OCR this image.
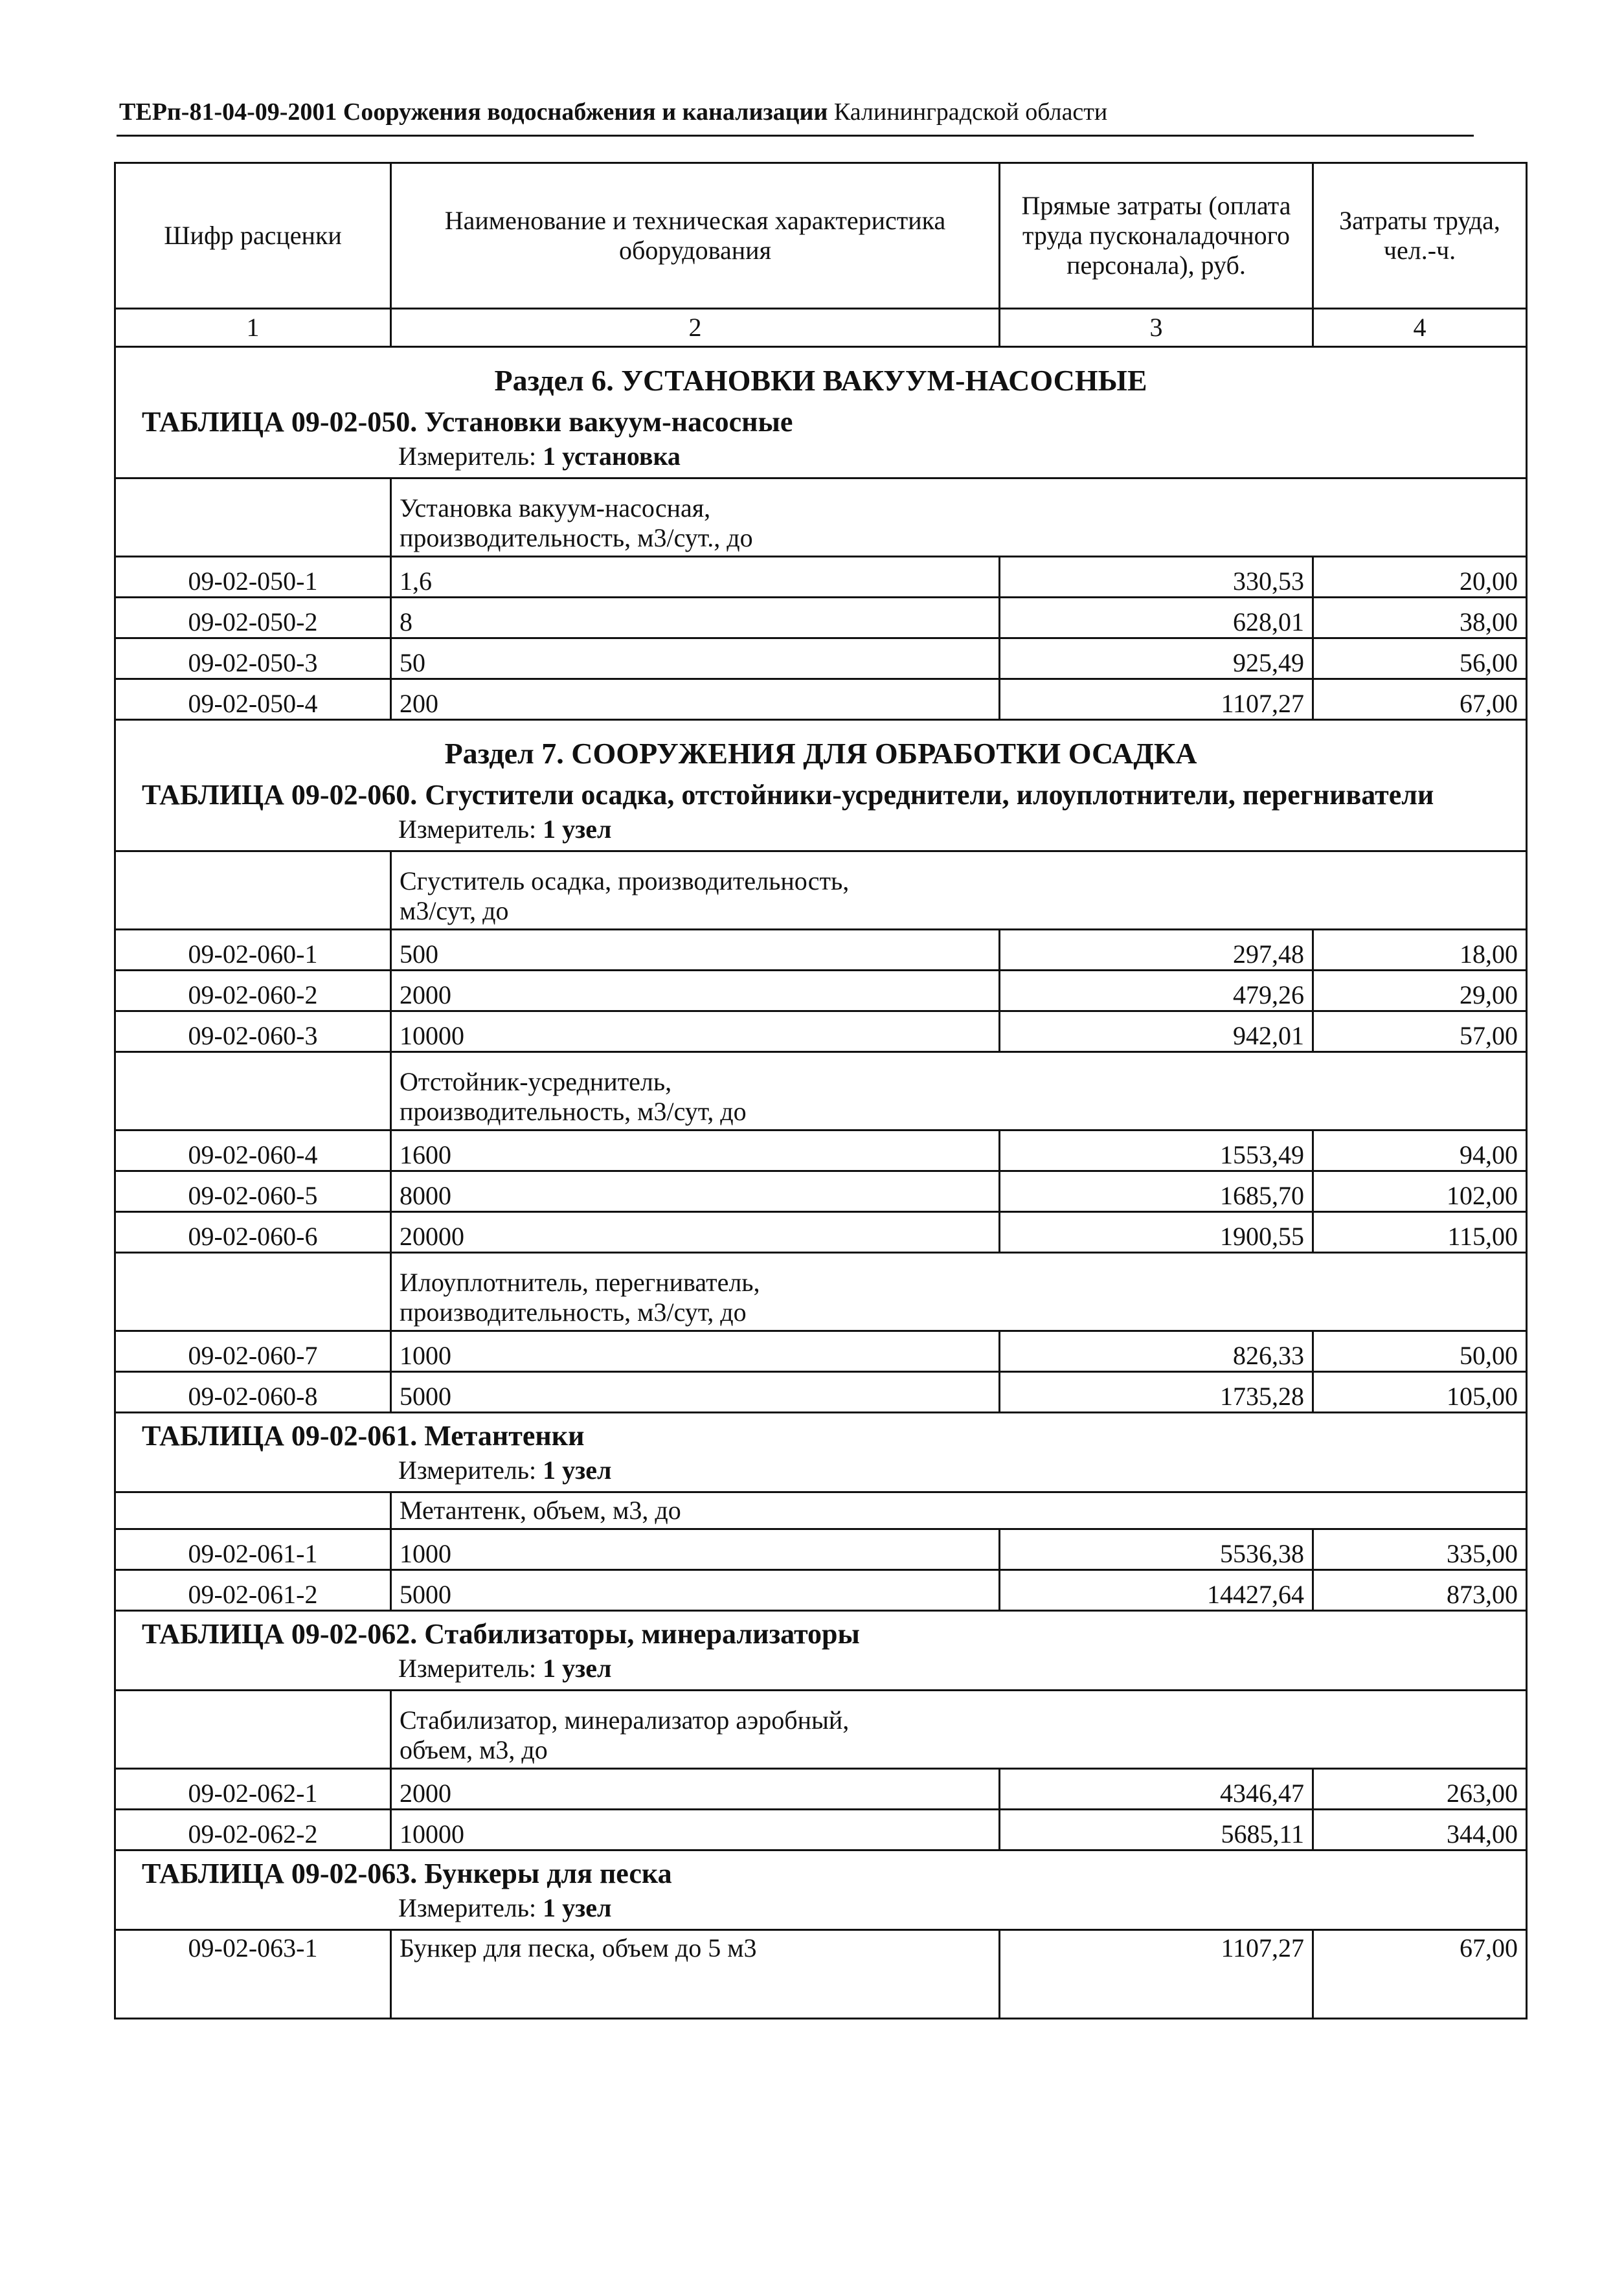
ТЕРп-81-04-09-2001 Сооружения водоснабжения и канализации Калининградской области
Шифр расценки	Наименование и техническая характеристика оборудования	Прямые затраты (оплата труда пусконаладочного персонала), руб.	Затраты труда, чел.-ч.
1	2	3	4

Раздел 6. УСТАНОВКИ ВАКУУМ-НАСОСНЫЕ
ТАБЛИЦА 09-02-050. Установки вакуум-насосные
Измеритель: 1 установка			

	Установка вакуум-насосная,
производительность, м3/сут., до		

09-02-050-1	1,6	330,53	20,00
09-02-050-2	8	628,01	38,00
09-02-050-3	50	925,49	56,00
09-02-050-4	200	1107,27	67,00

Раздел 7. СООРУЖЕНИЯ ДЛЯ ОБРАБОТКИ ОСАДКА
ТАБЛИЦА 09-02-060. Сгустители осадка, отстойники-усреднители, илоуплотнители, перегниватели
Измеритель: 1 узел			

	Сгуститель осадка, производительность,
м3/сут, до		

09-02-060-1	500	297,48	18,00
09-02-060-2	2000	479,26	29,00
09-02-060-3	10000	942,01	57,00

	Отстойник-усреднитель,
производительность, м3/сут, до		

09-02-060-4	1600	1553,49	94,00
09-02-060-5	8000	1685,70	102,00
09-02-060-6	20000	1900,55	115,00

	Илоуплотнитель, перегниватель,
производительность, м3/сут, до		

09-02-060-7	1000	826,33	50,00
09-02-060-8	5000	1735,28	105,00

ТАБЛИЦА 09-02-061. Метантенки
Измеритель: 1 узел			

	Метантенк, объем, м3, до		

09-02-061-1	1000	5536,38	335,00
09-02-061-2	5000	14427,64	873,00

ТАБЛИЦА 09-02-062. Стабилизаторы, минерализаторы
Измеритель: 1 узел			

	Стабилизатор, минерализатор аэробный,
объем, м3, до		

09-02-062-1	2000	4346,47	263,00
09-02-062-2	10000	5685,11	344,00

ТАБЛИЦА 09-02-063. Бункеры для песка
Измеритель: 1 узел			

09-02-063-1	Бункер для песка, объем до 5 м3	1107,27	67,00
